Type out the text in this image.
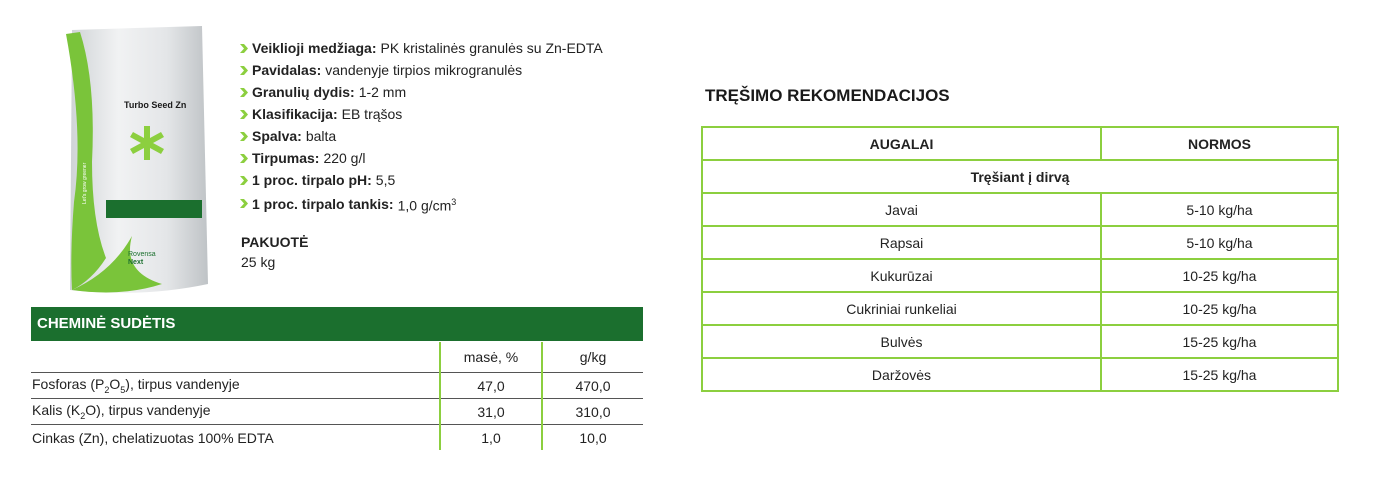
Turbo Seed Zn
Rovensa
Next
Let's grow greener
Veiklioji medžiaga: PK kristalinės granulės su Zn-EDTA
Pavidalas: vandenyje tirpios mikrogranulės
Granulių dydis: 1-2 mm
Klasifikacija: EB trąšos
Spalva: balta
Tirpumas: 220 g/l
1 proc. tirpalo pH: 5,5
1 proc. tirpalo tankis: 1,0 $g/cm^3$
PAKUOTĖ
25 kg
CHEMINĖ SUDĖTIS
	masė, %	g/kg
Fosforas $(P_2O_5)$, tirpus vandenyje	47,0	470,0
Kalis $(K_2O)$, tirpus vandenyje	31,0	310,0
Cinkas (Zn), chelatizuotas 100% EDTA	1,0	10,0
TRĘŠIMO REKOMENDACIJOS
AUGALAI	NORMOS
Tręšiant į dirvą	
Javai	5-10 kg/ha
Rapsai	5-10 kg/ha
Kukurūzai	10-25 kg/ha
Cukriniai runkeliai	10-25 kg/ha
Bulvės	15-25 kg/ha
Daržovės	15-25 kg/ha
